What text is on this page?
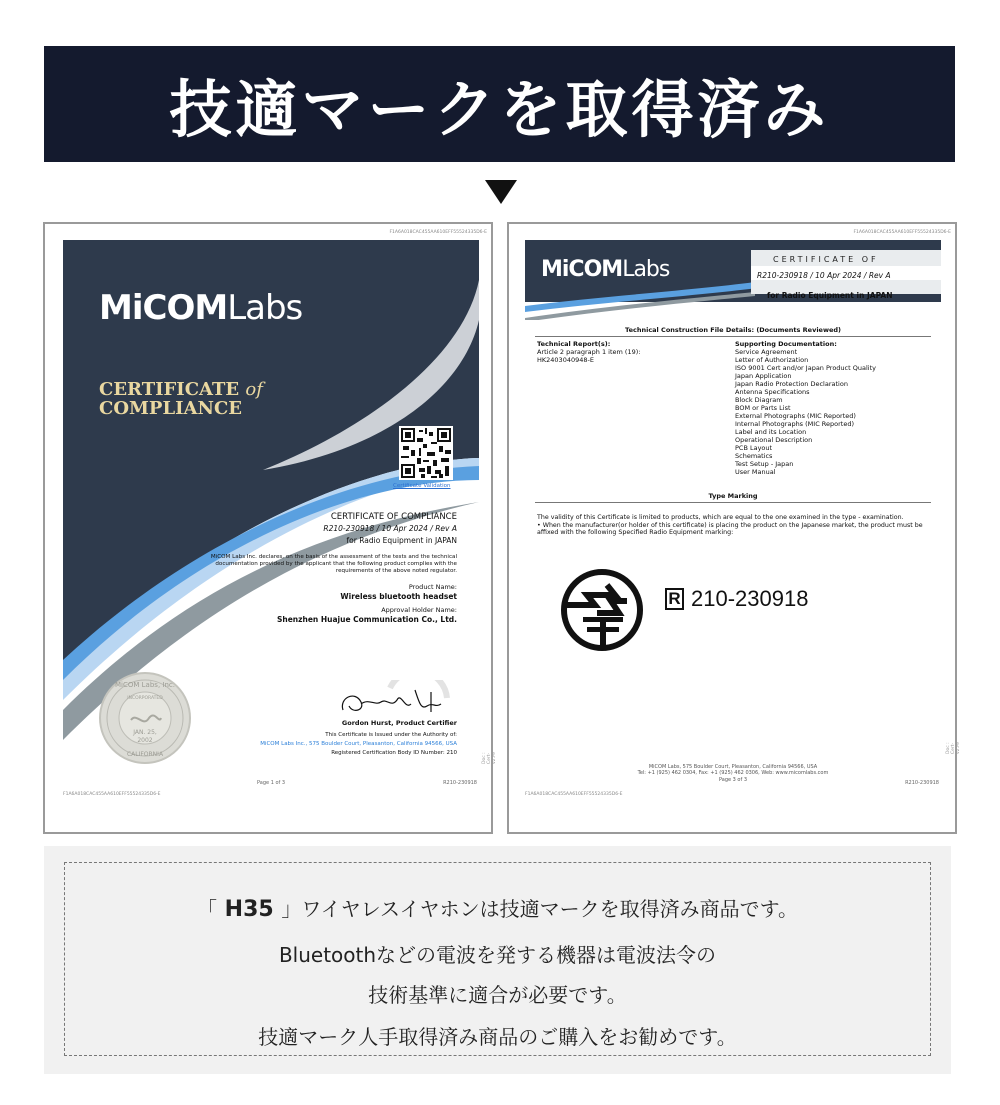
技適マークを取得済み
F1A6A018CAC455AA610EFF55524335D6-E
MiCOMLabs
CERTIFICATE of
COMPLIANCE
Certificate Validation
CERTIFICATE OF COMPLIANCE
R210-230918 / 10 Apr 2024 / Rev A
for Radio Equipment in JAPAN
MiCOM Labs Inc. declares, on the basis of the assessment of the tests and the technical documentation provided by the applicant that the following product complies with the requirements of the above noted regulator.
Product Name:
Wireless bluetooth headset
Approval Holder Name:
Shenzhen Huajue Communication Co., Ltd.
Gordon Hurst, Product Certifier
This Certificate is Issued under the Authority of:
MiCOM Labs Inc., 575 Boulder Court, Pleasanton, California 94566, USA
Registered Certification Body ID Number: 210
MiCOM Labs, Inc.
INCORPORATED
JAN. 25,
2002
CALIFORNIA
Page 1 of 3	R210-230918
Doc : Cert-v2.Fe
F1A6A018CAC455AA610EFF55524335D6-E
F1A6A018CAC455AA610EFF55524335D6-E
MiCOMLabs	CERTIFICATE OF
R210-230918 / 10 Apr 2024 / Rev A
for Radio Equipment in JAPAN
Technical Construction File Details: (Documents Reviewed)
Technical Report(s):
Article 2 paragraph 1 item (19):
HK2403040948-E
Supporting Documentation:
Service Agreement
Letter of Authorization
ISO 9001 Cert and/or Japan Product Quality
Japan Application
Japan Radio Protection Declaration
Antenna Specifications
Block Diagram
BOM or Parts List
External Photographs (MIC Reported)
Internal Photographs (MIC Reported)
Label and its Location
Operational Description
PCB Layout
Schematics
Test Setup - Japan
User Manual
Type Marking
The validity of this Certificate is limited to products, which are equal to the one examined in the type - examination.
• When the manufacturer(or holder of this certificate) is placing the product on the Japanese market, the product must be affixed with the following Specified Radio Equipment marking:
R 210-230918
MiCOM Labs, 575 Boulder Court, Pleasanton, California 94566, USA
Tel: +1 (925) 462 0304, Fax: +1 (925) 462 0306, Web: www.micomlabs.com
Page 3 of 3	R210-230918
Doc : Cert-v2.Fe
F1A6A018CAC455AA610EFF55524335D6-E
「 H35 」ワイヤレスイヤホンは技適マークを取得済み商品です。
Bluetoothなどの電波を発する機器は電波法令の
技術基準に適合が必要です。
技適マーク人手取得済み商品のご購入をお勧めです。
